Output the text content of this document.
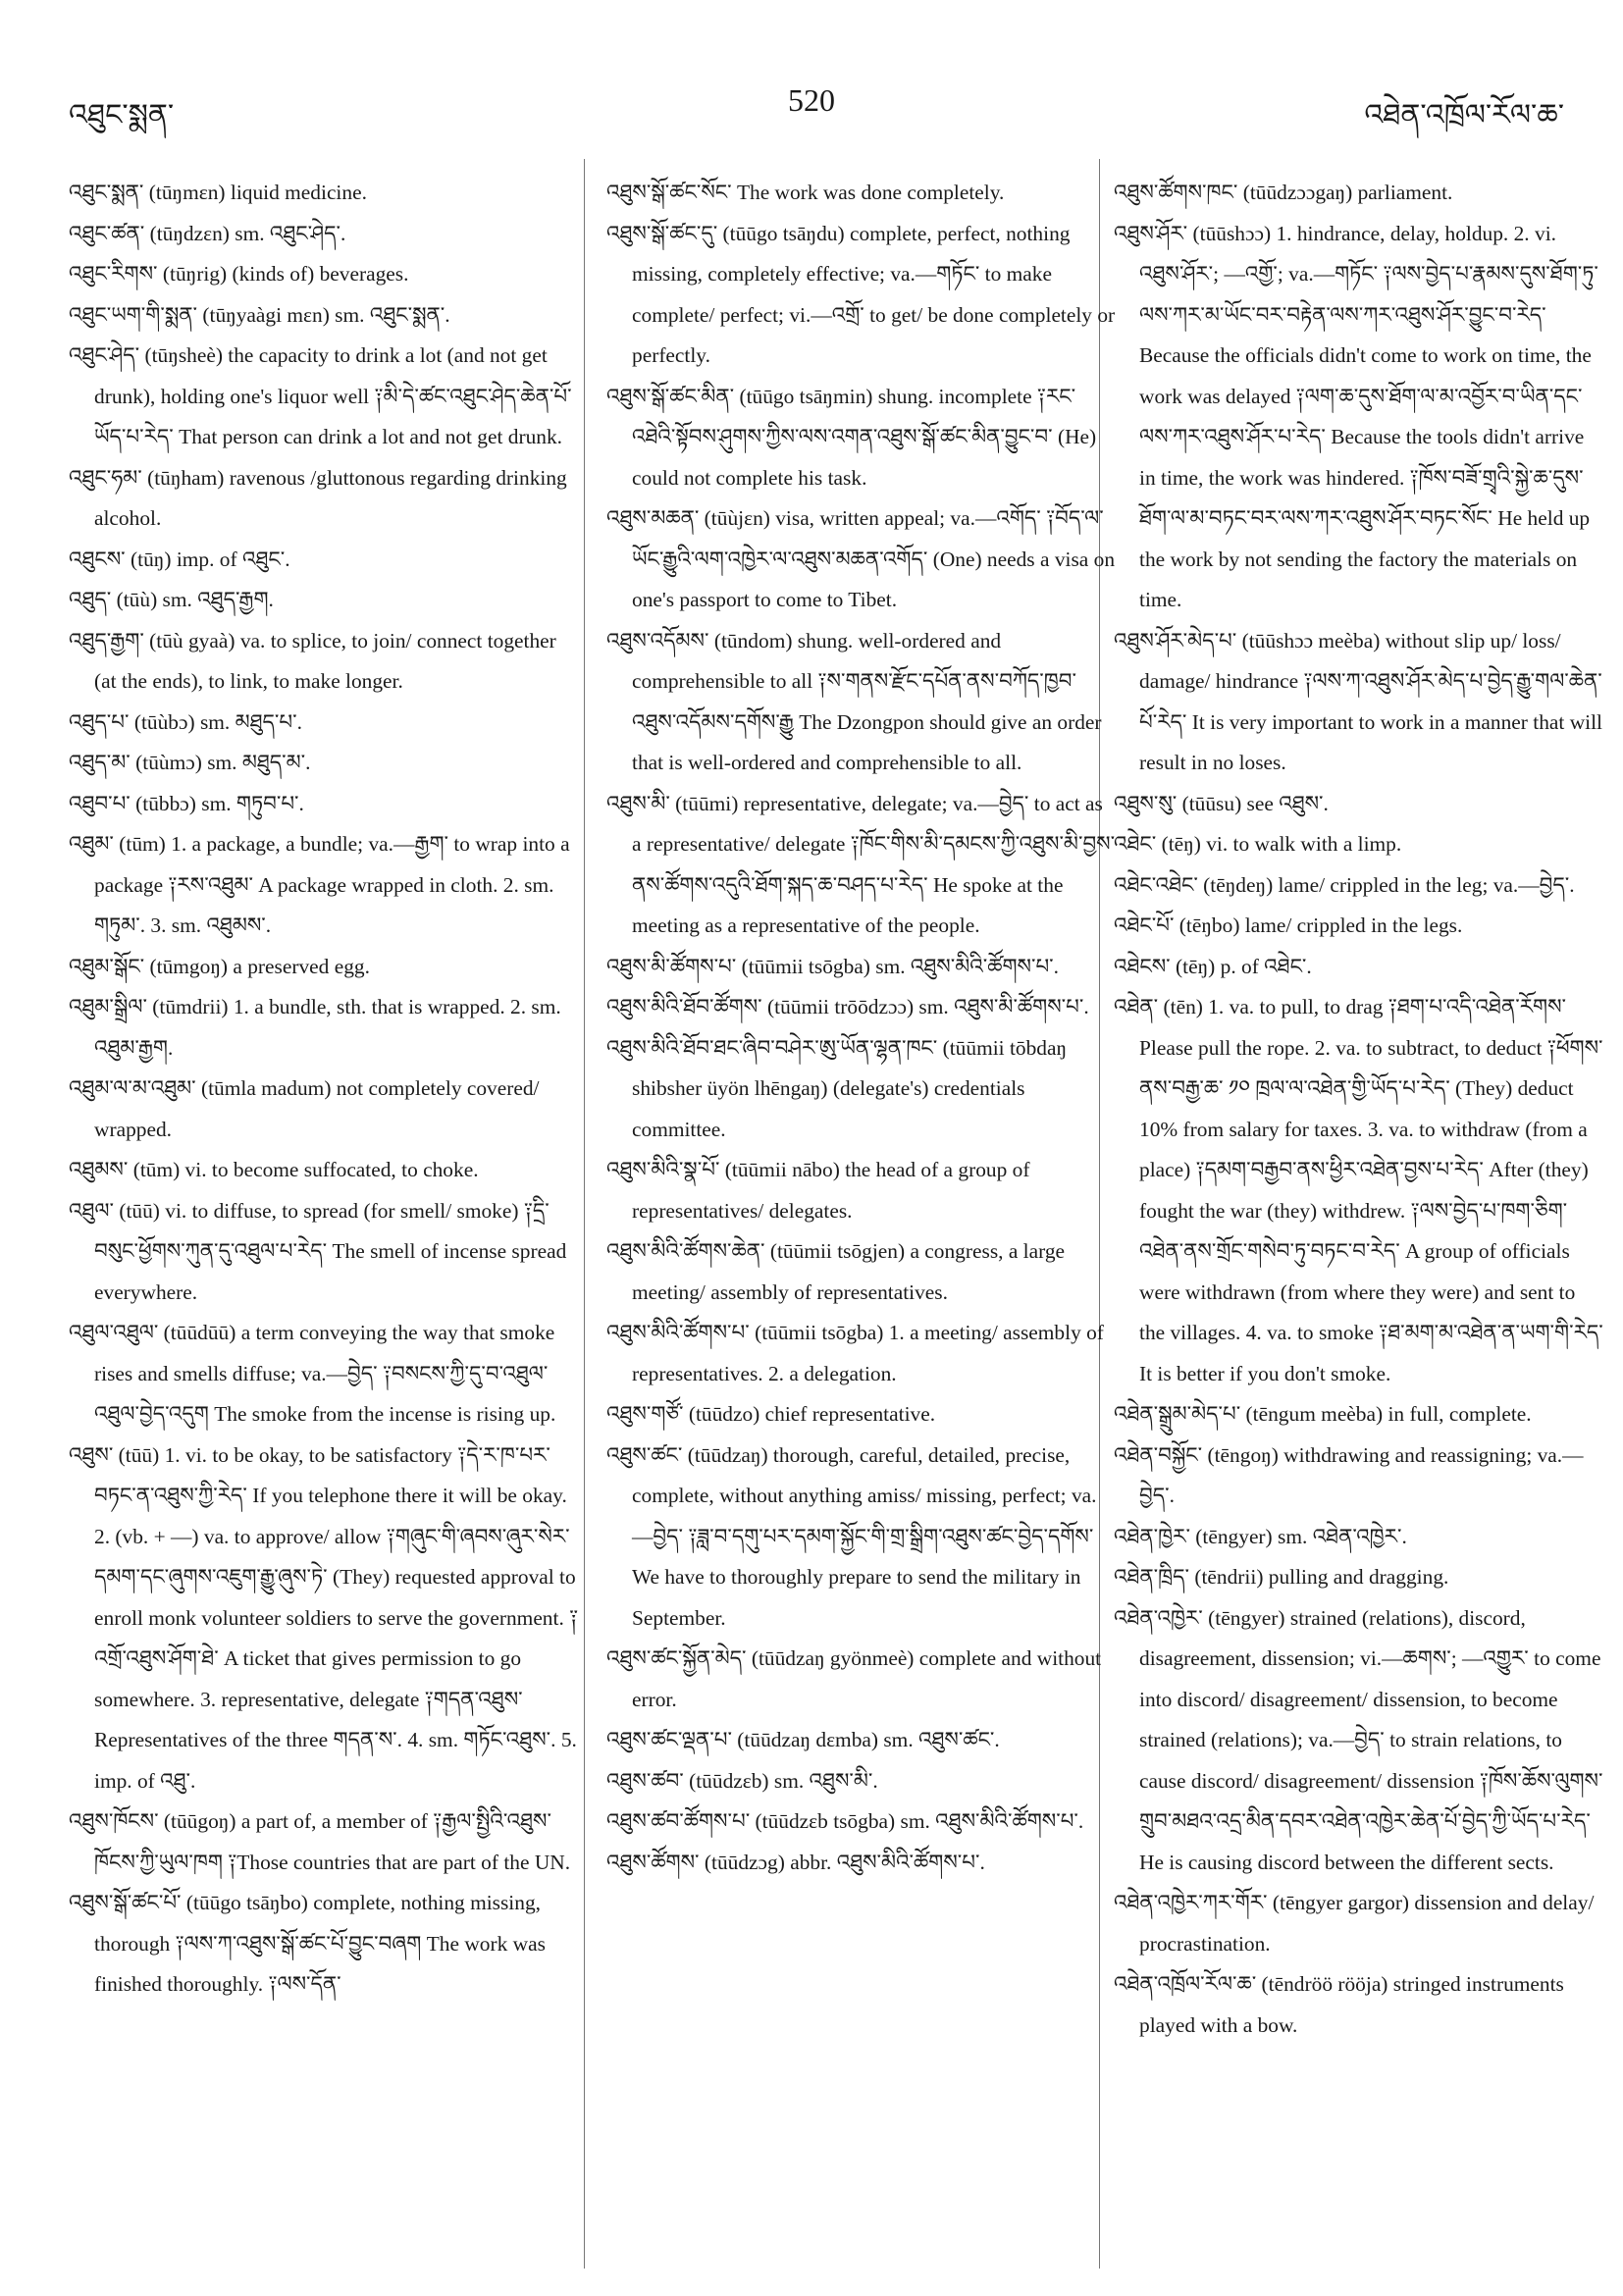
འཐུང་སྨན་	520	འཐེན་འཁྲོལ་རོལ་ཆ་
འཐུང་སྨན་ (tūŋmɛn) liquid medicine.
འཐུང་ཚན་ (tūŋdzɛn) sm. འཐུང་ཤེད་.
འཐུང་རིགས་ (tūŋrig) (kinds of) beverages.
འཐུང་ཡག་གི་སྨན་ (tūŋyaàgi mɛn) sm. འཐུང་སྨན་.
འཐུང་ཤེད་ (tūŋsheè) the capacity to drink a lot (and not get drunk), holding one's liquor well ༑མི་དེ་ཚང་འཐུང་ཤེད་ཆེན་པོ་ཡོད་པ་རེད་ That person can drink a lot and not get drunk.
འཐུང་ཧམ་ (tūŋham) ravenous /gluttonous regarding drinking alcohol.
འཐུངས་ (tūŋ) imp. of འཐུང་.
འཐུད་ (tūù) sm. འཐུད་རྒྱག.
འཐུད་རྒྱག་ (tūù gyaà) va. to splice, to join/ connect together (at the ends), to link, to make longer.
འཐུད་པ་ (tūùbɔ) sm. མཐུད་པ་.
འཐུད་མ་ (tūùmɔ) sm. མཐུད་མ་.
འཐུབ་པ་ (tūbbɔ) sm. གཏུབ་པ་.
འཐུམ་ (tūm) 1. a package, a bundle; va.—རྒྱག་ to wrap into a package ༑རས་འཐུམ་ A package wrapped in cloth. 2. sm. གཏུམ་. 3. sm. འཐུམས་.
འཐུམ་སྒོང་ (tūmgoŋ) a preserved egg.
འཐུམ་སྒྲིལ་ (tūmdrii) 1. a bundle, sth. that is wrapped. 2. sm. འཐུམ་རྒྱག.
འཐུམ་ལ་མ་འཐུམ་ (tūmla madum) not completely covered/ wrapped.
འཐུམས་ (tūm) vi. to become suffocated, to choke.
འཐུལ་ (tūū) vi. to diffuse, to spread (for smell/ smoke) ༑དྲི་བསུང་ཕྱོགས་ཀུན་དུ་འཐུལ་པ་རེད་ The smell of incense spread everywhere.
འཐུལ་འཐུལ་ (tūūdūū) a term conveying the way that smoke rises and smells diffuse; va.—བྱེད་ ༑བསངས་ཀྱི་དུ་བ་འཐུལ་འཐུལ་བྱེད་འདུག The smoke from the incense is rising up.
འཐུས་ (tūū) 1. vi. to be okay, to be satisfactory ༑དེ་ར་ཁ་པར་བཏང་ན་འཐུས་ཀྱི་རེད་ If you telephone there it will be okay. 2. (vb. + —) va. to approve/ allow ༑གཞུང་གི་ཞབས་ཞུར་སེར་དམག་དང་ཞུགས་འཇུག་རྒྱུ་ཞུས་ཏེ་ (They) requested approval to enroll monk volunteer soldiers to serve the government. ༑འགྲོ་འཐུས་ཤོག་ཐེ་ A ticket that gives permission to go somewhere. 3. representative, delegate ༑གདན་འཐུས་ Representatives of the three གདན་ས་. 4. sm. གཏོང་འཐུས་. 5. imp. of འཐུ་.
འཐུས་ཁོངས་ (tūūgoŋ) a part of, a member of ༑རྒྱལ་སྤྱིའི་འཐུས་ཁོངས་ཀྱི་ཡུལ་ཁག ༑Those countries that are part of the UN.
འཐུས་སྒོ་ཚང་པོ་ (tūūgo tsāŋbo) complete, nothing missing, thorough ༑ལས་ཀ་འཐུས་སྒོ་ཚང་པོ་བྱུང་བཞག The work was finished thoroughly. ༑ལས་དོན་
འཐུས་སྒོ་ཚང་སོང་ The work was done completely.
འཐུས་སྒོ་ཚང་དུ་ (tūūgo tsāŋdu) complete, perfect, nothing missing, completely effective; va.—གཏོང་ to make complete/ perfect; vi.—འགྲོ་ to get/ be done completely or perfectly.
འཐུས་སྒོ་ཚང་མིན་ (tūūgo tsāŋmin) shung. incomplete ༑རང་འཐེའི་སྟོབས་ཤུགས་ཀྱིས་ལས་འགན་འཐུས་སྒོ་ཚང་མིན་བྱུང་བ་ (He) could not complete his task.
འཐུས་མཆན་ (tūùjɛn) visa, written appeal; va.—འགོད་ ༑བོད་ལ་ཡོང་རྒྱུའི་ལག་འཁྱེར་ལ་འཐུས་མཆན་འགོད་ (One) needs a visa on one's passport to come to Tibet.
འཐུས་འདོམས་ (tūndom) shung. well-ordered and comprehensible to all ༑ས་གནས་རྫོང་དཔོན་ནས་བཀོད་ཁྱབ་འཐུས་འདོམས་དགོས་རྒྱུ The Dzongpon should give an order that is well-ordered and comprehensible to all.
འཐུས་མི་ (tūūmi) representative, delegate; va.—བྱེད་ to act as a representative/ delegate ༑ཁོང་གིས་མི་དམངས་ཀྱི་འཐུས་མི་བྱས་ནས་ཚོགས་འདུའི་ཐོག་སྐད་ཆ་བཤད་པ་རེད་ He spoke at the meeting as a representative of the people.
འཐུས་མི་ཚོགས་པ་ (tūūmii tsōgba) sm. འཐུས་མིའི་ཚོགས་པ་.
འཐུས་མིའི་ཐོབ་ཚོགས་ (tūūmii trōōdzɔɔ) sm. འཐུས་མི་ཚོགས་པ་.
འཐུས་མིའི་ཐོབ་ཐང་ཞིབ་བཤེར་ཨུ་ཡོན་ལྷན་ཁང་ (tūūmii tōbdaŋ shibsher üyön lhēngaŋ) (delegate's) credentials committee.
འཐུས་མིའི་སྣ་པོ་ (tūūmii nābo) the head of a group of representatives/ delegates.
འཐུས་མིའི་ཚོགས་ཆེན་ (tūūmii tsōgjen) a congress, a large meeting/ assembly of representatives.
འཐུས་མིའི་ཚོགས་པ་ (tūūmii tsōgba) 1. a meeting/ assembly of representatives. 2. a delegation.
འཐུས་གཙོ་ (tūūdzo) chief representative.
འཐུས་ཚང་ (tūūdzaŋ) thorough, careful, detailed, precise, complete, without anything amiss/ missing, perfect; va.—བྱེད་ ༑ཟླ་བ་དགུ་པར་དམག་སྐྱོང་གི་གྲ་སྒྲིག་འཐུས་ཚང་བྱེད་དགོས་ We have to thoroughly prepare to send the military in September.
འཐུས་ཚང་སྐྱོན་མེད་ (tūūdzaŋ gyönmeè) complete and without error.
འཐུས་ཚང་ལྡན་པ་ (tūūdzaŋ dɛmba) sm. འཐུས་ཚང་.
འཐུས་ཚབ་ (tūūdzɛb) sm. འཐུས་མི་.
འཐུས་ཚབ་ཚོགས་པ་ (tūūdzɛb tsōgba) sm. འཐུས་མིའི་ཚོགས་པ་.
འཐུས་ཚོགས་ (tūūdzɔg) abbr. འཐུས་མིའི་ཚོགས་པ་.
འཐུས་ཚོགས་ཁང་ (tūūdzɔɔgaŋ) parliament.
འཐུས་ཤོར་ (tūūshɔɔ) 1. hindrance, delay, holdup. 2. vi. འཐུས་ཤོར་; —འགྱོ་; va.—གཏོང་ ༑ལས་བྱེད་པ་རྣམས་དུས་ཐོག་ཏུ་ལས་ཀར་མ་ཡོང་བར་བརྟེན་ལས་ཀར་འཐུས་ཤོར་བྱུང་བ་རེད་ Because the officials didn't come to work on time, the work was delayed ༑ལག་ཆ་དུས་ཐོག་ལ་མ་འབྱོར་བ་ཡིན་དང་ལས་ཀར་འཐུས་ཤོར་པ་རེད་ Because the tools didn't arrive in time, the work was hindered. ༑ཁོས་བཟོ་གྲྭའི་སྐྱེ་ཆ་དུས་ཐོག་ལ་མ་བཏང་བར་ལས་ཀར་འཐུས་ཤོར་བཏང་སོང་ He held up the work by not sending the factory the materials on time.
འཐུས་ཤོར་མེད་པ་ (tūūshɔɔ meèba) without slip up/ loss/ damage/ hindrance ༑ལས་ཀ་འཐུས་ཤོར་མེད་པ་བྱེད་རྒྱུ་གལ་ཆེན་པོ་རེད་ It is very important to work in a manner that will result in no loses.
འཐུས་སུ་ (tūūsu) see འཐུས་.
འཐེང་ (tēŋ) vi. to walk with a limp.
འཐེང་འཐེང་ (tēŋdeŋ) lame/ crippled in the leg; va.—བྱེད་.
འཐེང་པོ་ (tēŋbo) lame/ crippled in the legs.
འཐེངས་ (tēŋ) p. of འཐེང་.
འཐེན་ (tēn) 1. va. to pull, to drag ༑ཐག་པ་འདི་འཐེན་རོགས་ Please pull the rope. 2. va. to subtract, to deduct ༑ཕོགས་ནས་བརྒྱ་ཆ་ ༡༠ ཁྲལ་ལ་འཐེན་གྱི་ཡོད་པ་རེད་ (They) deduct 10% from salary for taxes. 3. va. to withdraw (from a place) ༑དམག་བརྒྱབ་ནས་ཕྱིར་འཐེན་བྱས་པ་རེད་ After (they) fought the war (they) withdrew. ༑ལས་བྱེད་པ་ཁག་ཅིག་འཐེན་ནས་གྲོང་གསེབ་ཏུ་བཏང་བ་རེད་ A group of officials were withdrawn (from where they were) and sent to the villages. 4. va. to smoke ༑ཐ་མག་མ་འཐེན་ན་ཡག་གི་རེད་ It is better if you don't smoke.
འཐེན་སྒྲུམ་མེད་པ་ (tēngum meèba) in full, complete.
འཐེན་བསྐྱོང་ (tēngoŋ) withdrawing and reassigning; va.—བྱེད་.
འཐེན་ཁྱེར་ (tēngyer) sm. འཐེན་འཁྱེར་.
འཐེན་ཁྲིད་ (tēndrii) pulling and dragging.
འཐེན་འཁྱེར་ (tēngyer) strained (relations), discord, disagreement, dissension; vi.—ཆགས་; —འགྱུར་ to come into discord/ disagreement/ dissension, to become strained (relations); va.—བྱེད་ to strain relations, to cause discord/ disagreement/ dissension ༑ཁོས་ཆོས་ལུགས་གྲུབ་མཐའ་འདྲ་མིན་དབར་འཐེན་འཁྱེར་ཆེན་པོ་བྱེད་ཀྱི་ཡོད་པ་རེད་ He is causing discord between the different sects.
འཐེན་འཁྱེར་ཀར་གོར་ (tēngyer gargor) dissension and delay/ procrastination.
འཐེན་འཁྲོལ་རོལ་ཆ་ (tēndröö rööja) stringed instruments played with a bow.
